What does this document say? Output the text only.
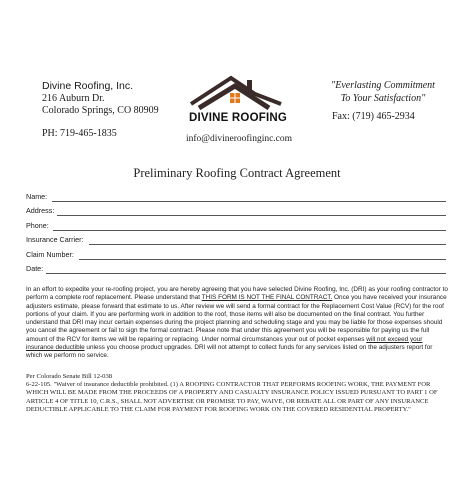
Divine Roofing, Inc.
216 Auburn Dr.
Colorado Springs, CO 80909
PH: 719-465-1835
DIVINE ROOFING
info@divineroofinginc.com
"Everlasting Commitment
To Your Satisfaction"
Fax: (719) 465-2934
Preliminary Roofing Contract Agreement
Name:
Address:
Phone:
Insurance Carrier:
Claim Number:
Date:
In an effort to expedite your re-roofing project, you are hereby agreeing that you have selected Divine Roofing, Inc. (DRI) as your roofing contractor to perform a complete roof replacement. Please understand that THIS FORM IS NOT THE FINAL CONTRACT. Once you have received your insurance adjusters estimate, please forward that estimate to us. After review we will send a formal contract for the Replacement Cost Value (RCV) for the roof portions of your claim. If you are performing work in addition to the roof, those items will also be documented on the final contract. You further understand that DRI may incur certain expenses during the project planning and scheduling stage and you may be liable for those expenses should you cancel the agreement or fail to sign the formal contract. Please note that under this agreement you will be responsible for paying us the full amount of the RCV for items we will be repairing or replacing. Under normal circumstances your out of pocket expenses will not exceed your insurance deductible unless you choose product upgrades. DRI will not attempt to collect funds for any services listed on the adjusters report for which we perform no service.
Per Colorado Senate Bill 12-038
6-22-105. "Waiver of insurance deductible prohibited. (1) A ROOFING CONTRACTOR THAT PERFORMS ROOFING WORK, THE PAYMENT FOR WHICH WILL BE MADE FROM THE PROCEEDS OF A PROPERTY AND CASUALTY INSURANCE POLICY ISSUED PURSUANT TO PART 1 OF ARTICLE 4 OF TITLE 10, C.R.S., SHALL NOT ADVERTISE OR PROMISE TO PAY, WAIVE, OR REBATE ALL OR PART OF ANY INSURANCE DEDUCTIBLE APPLICABLE TO THE CLAIM FOR PAYMENT FOR ROOFING WORK ON THE COVERED RESIDENTIAL PROPERTY."
